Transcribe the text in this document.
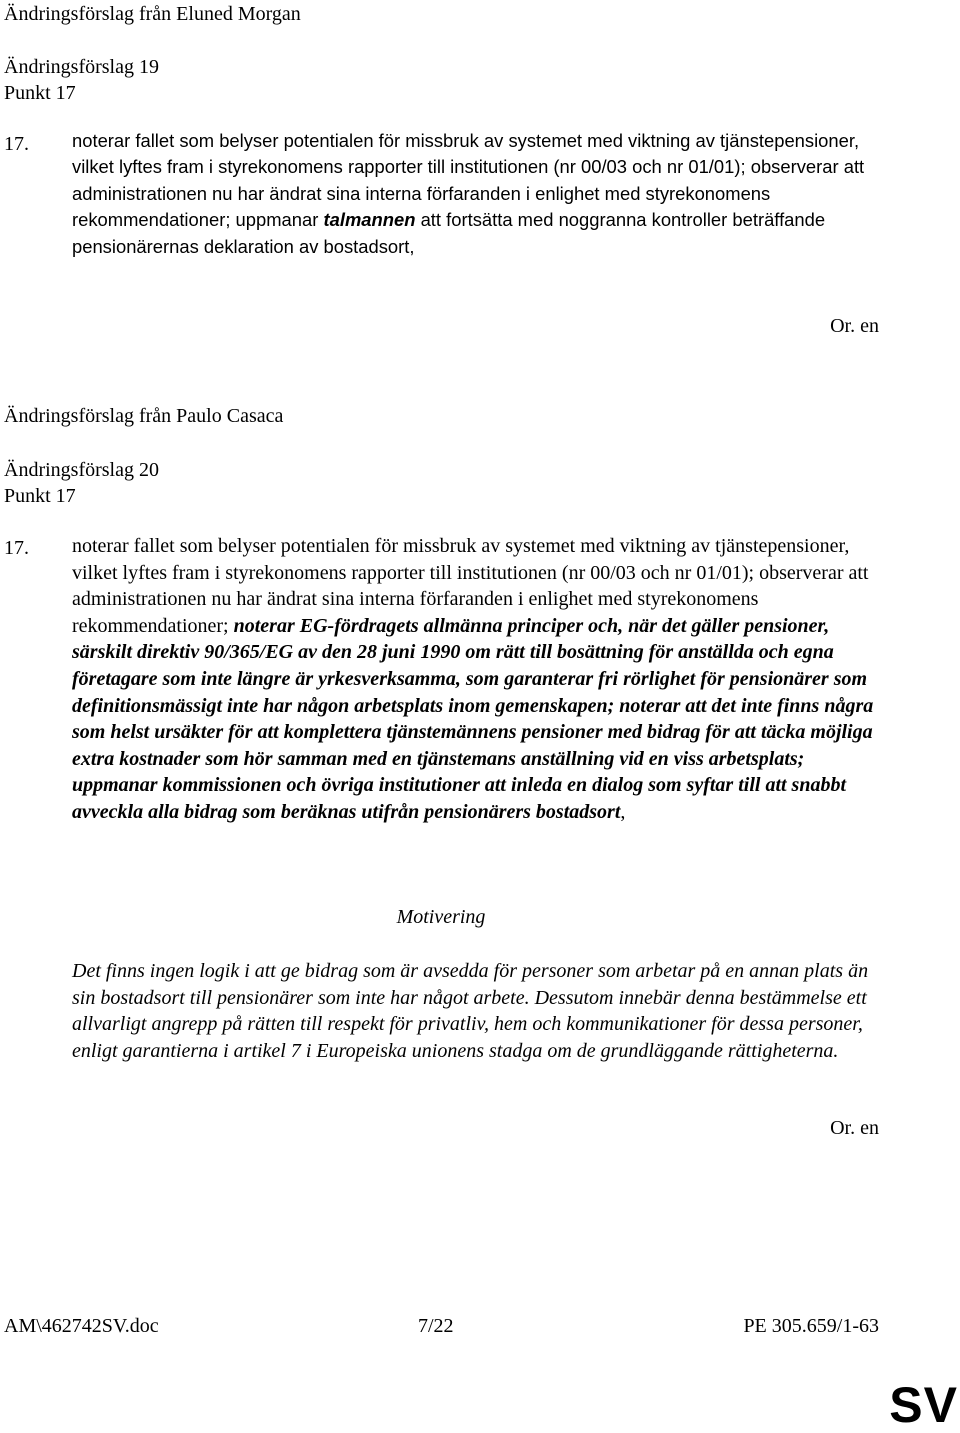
Ändringsförslag från Eluned Morgan
Ändringsförslag 19
Punkt 17
17. noterar fallet som belyser potentialen för missbruk av systemet med viktning av tjänstepensioner, vilket lyftes fram i styrekonomens rapporter till institutionen (nr 00/03 och nr 01/01); observerar att administrationen nu har ändrat sina interna förfaranden i enlighet med styrekonomens rekommendationer; uppmanar talmannen att fortsätta med noggranna kontroller beträffande pensionärernas deklaration av bostadsort,
Or. en
Ändringsförslag från Paulo Casaca
Ändringsförslag 20
Punkt 17
17. noterar fallet som belyser potentialen för missbruk av systemet med viktning av tjänstepensioner, vilket lyftes fram i styrekonomens rapporter till institutionen (nr 00/03 och nr 01/01); observerar att administrationen nu har ändrat sina interna förfaranden i enlighet med styrekonomens rekommendationer; noterar EG-fördragets allmänna principer och, när det gäller pensioner, särskilt direktiv 90/365/EG av den 28 juni 1990 om rätt till bosättning för anställda och egna företagare som inte längre är yrkesverksamma, som garanterar fri rörlighet för pensionärer som definitionsmässigt inte har någon arbetsplats inom gemenskapen; noterar att det inte finns några som helst ursäkter för att komplettera tjänstemännens pensioner med bidrag för att täcka möjliga extra kostnader som hör samman med en tjänstemans anställning vid en viss arbetsplats; uppmanar kommissionen och övriga institutioner att inleda en dialog som syftar till att snabbt avveckla alla bidrag som beräknas utifrån pensionärers bostadsort,
Motivering
Det finns ingen logik i att ge bidrag som är avsedda för personer som arbetar på en annan plats än sin bostadsort till pensionärer som inte har något arbete. Dessutom innebär denna bestämmelse ett allvarligt angrepp på rätten till respekt för privatliv, hem och kommunikationer för dessa personer, enligt garantierna i artikel 7 i Europeiska unionens stadga om de grundläggande rättigheterna.
Or. en
AM\462742SV.doc	7/22	PE 305.659/1-63
SV
